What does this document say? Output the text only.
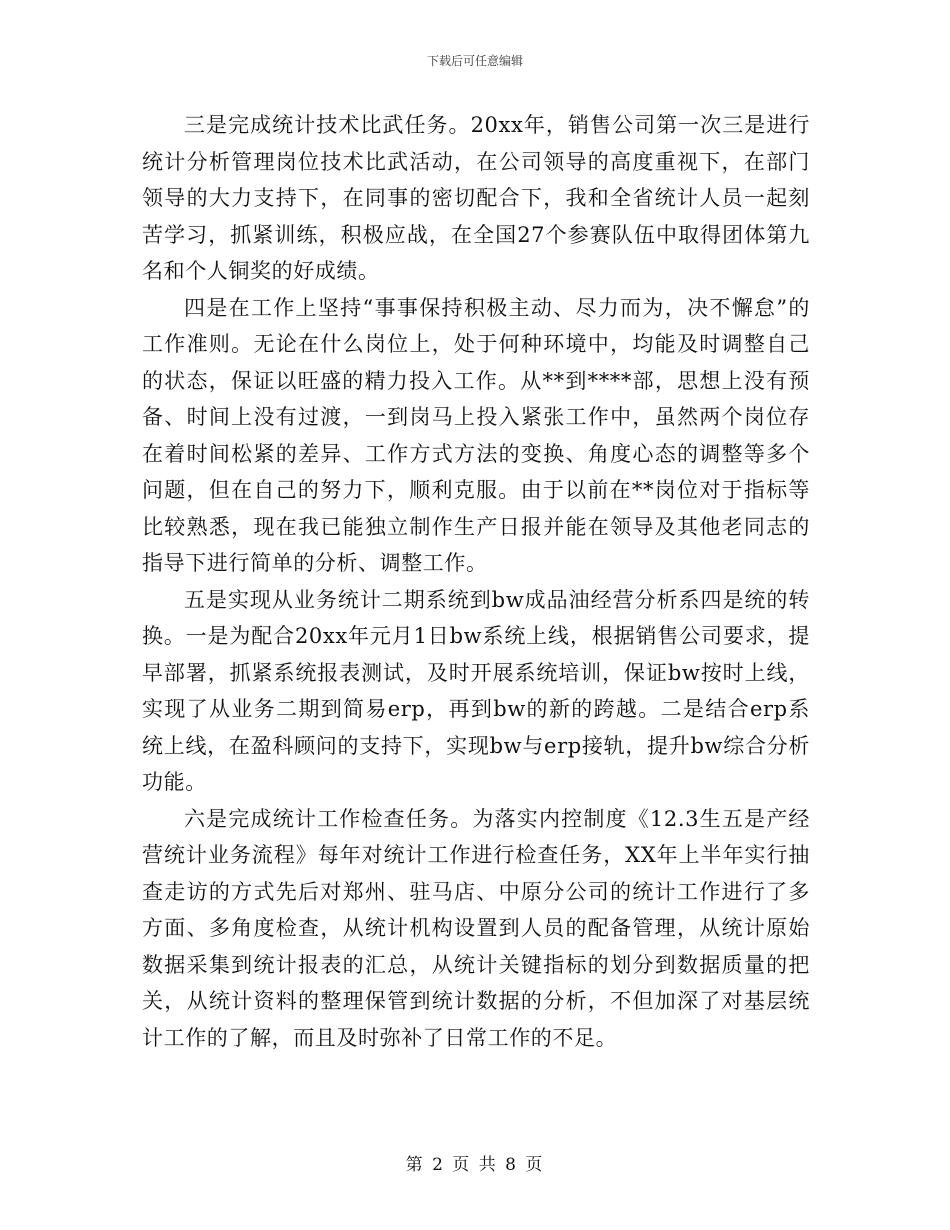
下载后可任意编辑

三是完成统计技术比武任务。20xx年，销售公司第一次三是进行统计分析管理岗位技术比武活动，在公司领导的高度重视下，在部门领导的大力支持下，在同事的密切配合下，我和全省统计人员一起刻苦学习，抓紧训练，积极应战，在全国27个参赛队伍中取得团体第九名和个人铜奖的好成绩。

四是在工作上坚持“事事保持积极主动、尽力而为，决不懈怠”的工作准则。无论在什么岗位上，处于何种环境中，均能及时调整自己的状态，保证以旺盛的精力投入工作。从**到****部，思想上没有预备、时间上没有过渡，一到岗马上投入紧张工作中，虽然两个岗位存在着时间松紧的差异、工作方式方法的变换、角度心态的调整等多个问题，但在自己的努力下，顺利克服。由于以前在**岗位对于指标等比较熟悉，现在我已能独立制作生产日报并能在领导及其他老同志的指导下进行简单的分析、调整工作。

五是实现从业务统计二期系统到bw成品油经营分析系四是统的转换。一是为配合20xx年元月1日bw系统上线，根据销售公司要求，提早部署，抓紧系统报表测试，及时开展系统培训，保证bw按时上线，实现了从业务二期到简易erp，再到bw的新的跨越。二是结合erp系统上线，在盈科顾问的支持下，实现bw与erp接轨，提升bw综合分析功能。

六是完成统计工作检查任务。为落实内控制度《12.3生五是产经营统计业务流程》每年对统计工作进行检查任务，XX年上半年实行抽查走访的方式先后对郑州、驻马店、中原分公司的统计工作进行了多方面、多角度检查，从统计机构设置到人员的配备管理，从统计原始数据采集到统计报表的汇总，从统计关键指标的划分到数据质量的把关，从统计资料的整理保管到统计数据的分析，不但加深了对基层统计工作的了解，而且及时弥补了日常工作的不足。

第 2 页 共 8 页
